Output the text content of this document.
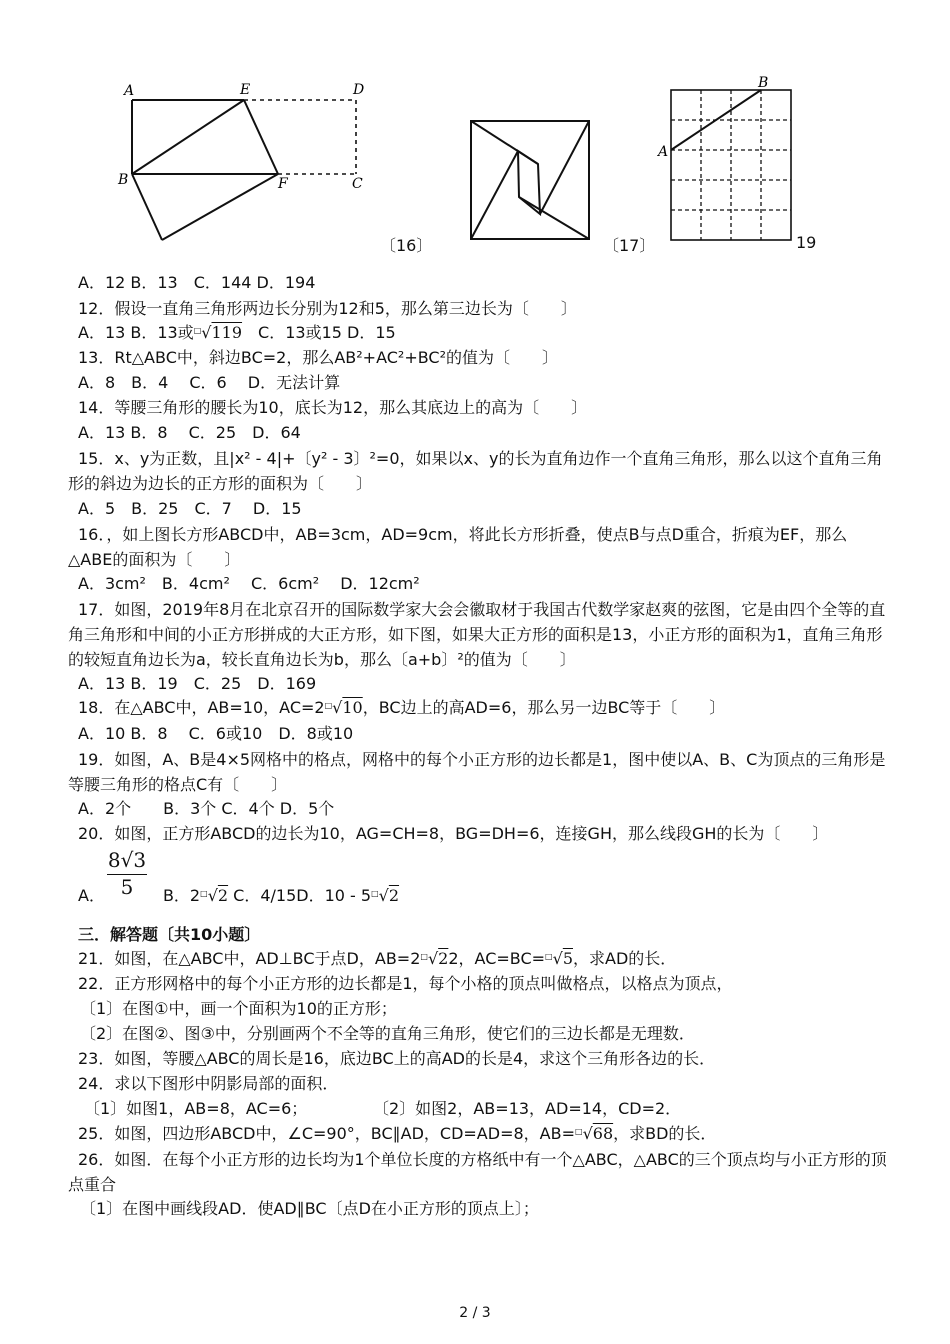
A	E	D
B	F	C
〔16〕	〔17〕
A
B
19
A．12 B．13　C．144 D．194
12．假设一直角三角形两边长分别为12和5，那么第三边长为〔　　〕
A．13 B．13或□√119　C．13或15 D．15
13．Rt△ABC中，斜边BC=2，那么AB²+AC²+BC²的值为〔　　〕
A．8　B．4　 C．6　 D．无法计算
14．等腰三角形的腰长为10，底长为12，那么其底边上的高为〔　　〕
A．13 B．8　 C．25　D．64
15．x、y为正数，且|x² - 4|+〔y² - 3〕²=0，如果以x、y的长为直角边作一个直角三角形，那么以这个直角三角形的斜边为边长的正方形的面积为〔　　〕
A．5　B．25　C．7　 D．15
16．，如上图长方形ABCD中，AB=3cm，AD=9cm，将此长方形折叠，使点B与点D重合，折痕为EF，那么△ABE的面积为〔　　〕
A．3cm²　B．4cm²　 C．6cm²　 D．12cm²
17．如图，2019年8月在北京召开的国际数学家大会会徽取材于我国古代数学家赵爽的弦图，它是由四个全等的直角三角形和中间的小正方形拼成的大正方形，如下图，如果大正方形的面积是13，小正方形的面积为1，直角三角形的较短直角边长为a，较长直角边长为b，那么〔a+b〕²的值为〔　　〕
A．13 B．19　C．25　D．169
18．在△ABC中，AB=10，AC=2□√10，BC边上的高AD=6，那么另一边BC等于〔　　〕
A．10 B．8　 C．6或10　D．8或10
19．如图，A、B是4×5网格中的格点，网格中的每个小正方形的边长都是1，图中使以A、B、C为顶点的三角形是等腰三角形的格点C有〔　　〕
A．2个　　B．3个 C．4个 D．5个
20．如图，正方形ABCD的边长为10，AG=CH=8，BG=DH=6，连接GH，那么线段GH的长为〔　　〕
$\frac{8√3}{5}$
A．	B．2□√2 C．4/15D．10 - 5□√2
三．解答题〔共10小题〕
21．如图，在△ABC中，AD⊥BC于点D，AB=2□√22，AC=BC=□√5，求AD的长．
22．正方形网格中的每个小正方形的边长都是1，每个小格的顶点叫做格点，以格点为顶点，
〔1〕在图①中，画一个面积为10的正方形；
〔2〕在图②、图③中，分别画两个不全等的直角三角形，使它们的三边长都是无理数．
23．如图，等腰△ABC的周长是16，底边BC上的高AD的长是4，求这个三角形各边的长．
24．求以下图形中阴影局部的面积．
〔1〕如图1，AB=8，AC=6；	〔2〕如图2，AB=13，AD=14，CD=2．
25．如图，四边形ABCD中，∠C=90°，BC∥AD，CD=AD=8，AB=□√68，求BD的长．
26．如图．在每个小正方形的边长均为1个单位长度的方格纸中有一个△ABC，△ABC的三个顶点均与小正方形的顶点重合
〔1〕在图中画线段AD．使AD∥BC〔点D在小正方形的顶点上〕；
2 / 3
